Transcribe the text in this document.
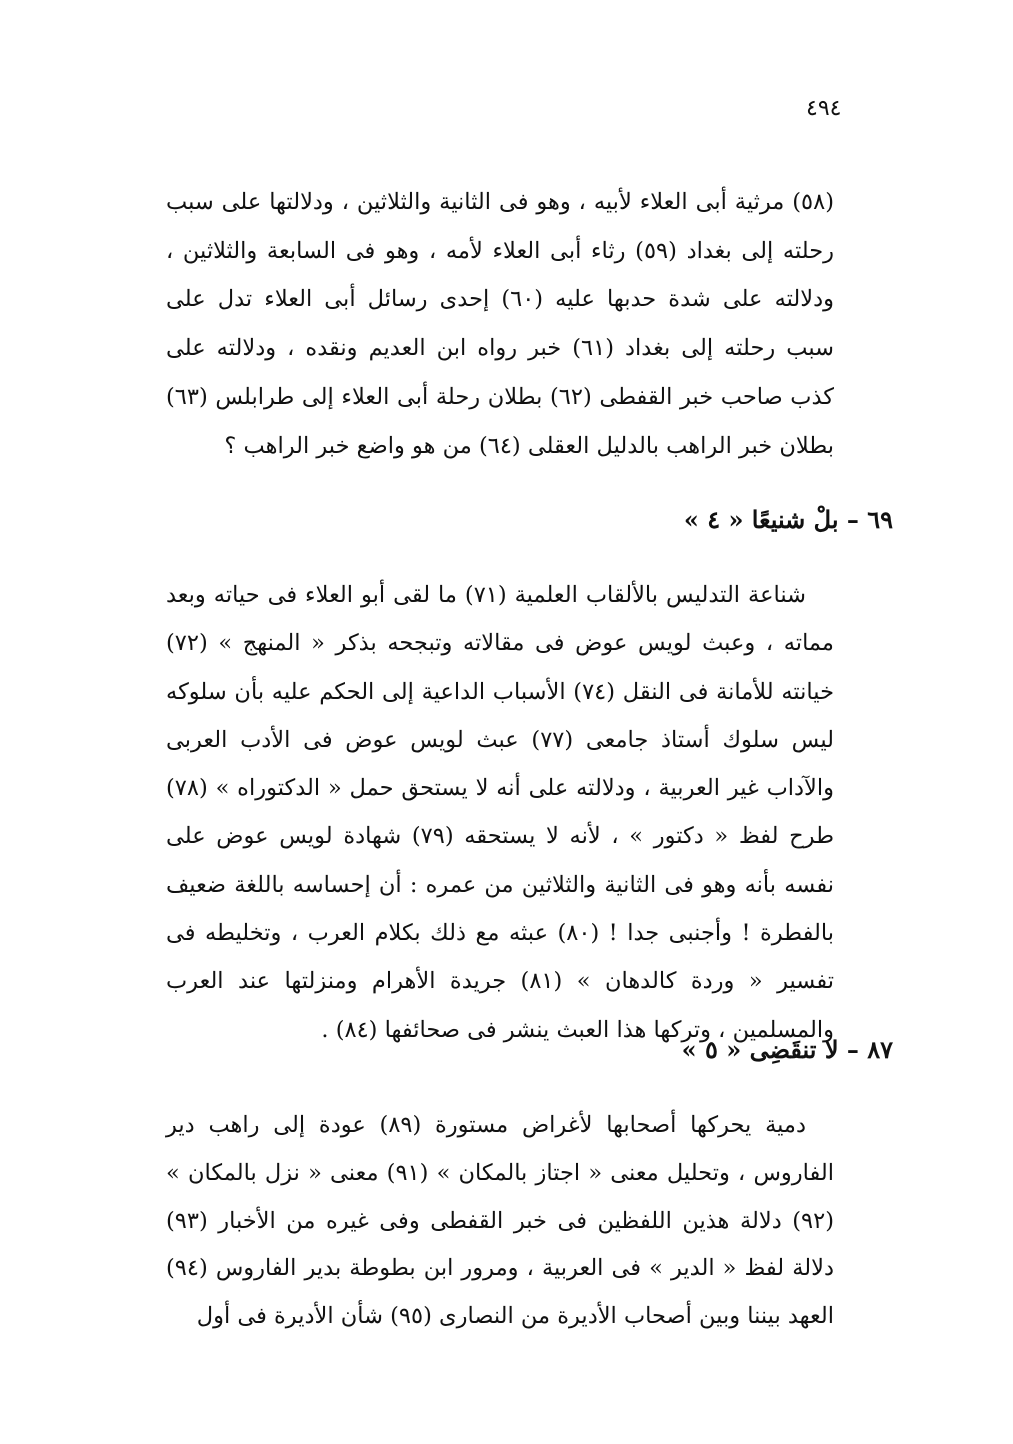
٤٩٤

(٥٨) مرثية أبى العلاء لأبيه ، وهو فى الثانية والثلاثين ، ودلالتها على سبب رحلته إلى بغداد (٥٩) رثاء أبى العلاء لأمه ، وهو فى السابعة والثلاثين ، ودلالته على شدة حدبها عليه (٦٠) إحدى رسائل أبى العلاء تدل على سبب رحلته إلى بغداد (٦١) خبر رواه ابن العديم ونقده ، ودلالته على كذب صاحب خبر القفطى (٦٢) بطلان رحلة أبى العلاء إلى طرابلس (٦٣) بطلان خبر الراهب بالدليل العقلى (٦٤) من هو واضع خبر الراهب ؟

٦٩ – بلْ شنيعًا « ٤ »

شناعة التدليس بالألقاب العلمية (٧١) ما لقى أبو العلاء فى حياته وبعد مماته ، وعبث لويس عوض فى مقالاته وتبجحه بذكر « المنهج » (٧٢) خيانته للأمانة فى النقل (٧٤) الأسباب الداعية إلى الحكم عليه بأن سلوكه ليس سلوك أستاذ جامعى (٧٧) عبث لويس عوض فى الأدب العربى والآداب غير العربية ، ودلالته على أنه لا يستحق حمل « الدكتوراه » (٧٨) طرح لفظ « دكتور » ، لأنه لا يستحقه (٧٩) شهادة لويس عوض على نفسه بأنه وهو فى الثانية والثلاثين من عمره : أن إحساسه باللغة ضعيف بالفطرة ! وأجنبى جدا ! (٨٠) عبثه مع ذلك بكلام العرب ، وتخليطه فى تفسير « وردة كالدهان » (٨١) جريدة الأهرام ومنزلتها عند العرب والمسلمين ، وتركها هذا العبث ينشر فى صحائفها (٨٤) .

٨٧ – لا تنقَضِى « ٥ »

دمية يحركها أصحابها لأغراض مستورة (٨٩) عودة إلى راهب دير الفاروس ، وتحليل معنى « اجتاز بالمكان » (٩١) معنى « نزل بالمكان » (٩٢) دلالة هذين اللفظين فى خبر القفطى وفى غيره من الأخبار (٩٣) دلالة لفظ « الدير » فى العربية ، ومرور ابن بطوطة بدير الفاروس (٩٤) العهد بيننا وبين أصحاب الأديرة من النصارى (٩٥) شأن الأديرة فى أول
